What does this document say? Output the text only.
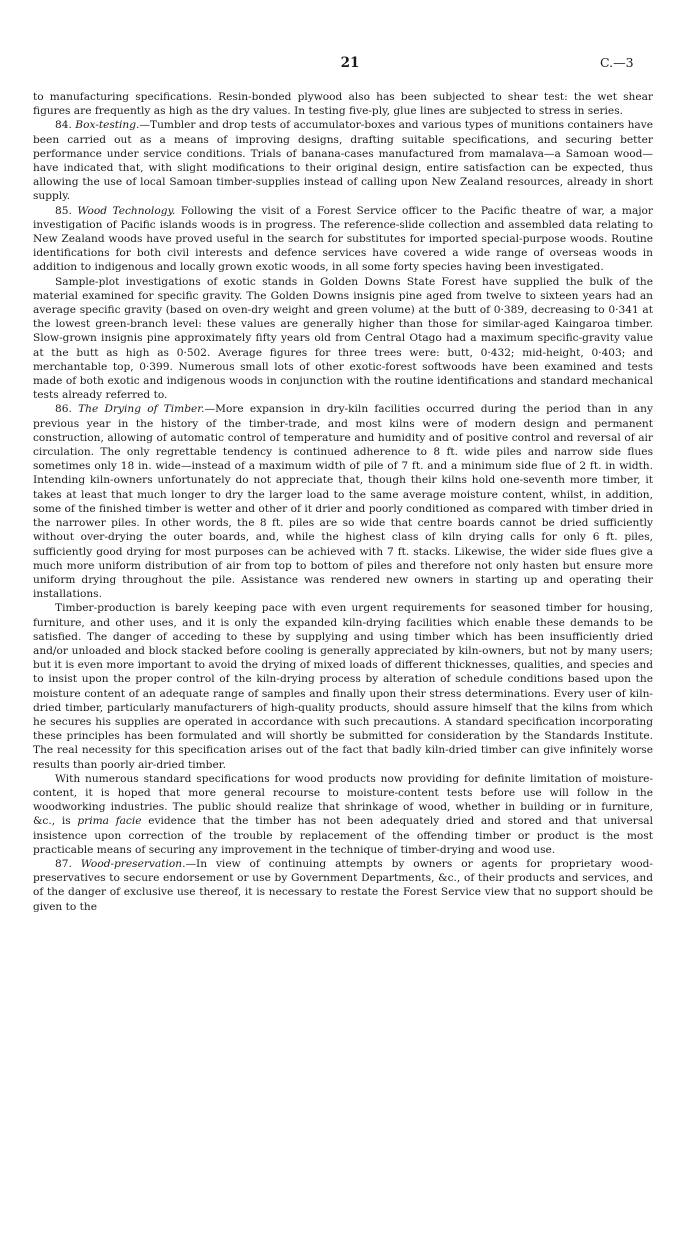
21	C.—3

to manufacturing specifications. Resin-bonded plywood also has been subjected to shear test: the wet shear figures are frequently as high as the dry values. In testing five-ply, glue lines are subjected to stress in series.

84. Box-testing.—Tumbler and drop tests of accumulator-boxes and various types of munitions containers have been carried out as a means of improving designs, drafting suitable specifications, and securing better performance under service conditions. Trials of banana-cases manufactured from mamalava—a Samoan wood—have indicated that, with slight modifications to their original design, entire satisfaction can be expected, thus allowing the use of local Samoan timber-supplies instead of calling upon New Zealand resources, already in short supply.

85. Wood Technology. Following the visit of a Forest Service officer to the Pacific theatre of war, a major investigation of Pacific islands woods is in progress. The reference-slide collection and assembled data relating to New Zealand woods have proved useful in the search for substitutes for imported special-purpose woods. Routine identifications for both civil interests and defence services have covered a wide range of overseas woods in addition to indigenous and locally grown exotic woods, in all some forty species having been investigated.

Sample-plot investigations of exotic stands in Golden Downs State Forest have supplied the bulk of the material examined for specific gravity. The Golden Downs insignis pine aged from twelve to sixteen years had an average specific gravity (based on oven-dry weight and green volume) at the butt of 0·389, decreasing to 0·341 at the lowest green-branch level: these values are generally higher than those for similar-aged Kaingaroa timber. Slow-grown insignis pine approximately fifty years old from Central Otago had a maximum specific-gravity value at the butt as high as 0·502. Average figures for three trees were: butt, 0·432; mid-height, 0·403; and merchantable top, 0·399. Numerous small lots of other exotic-forest softwoods have been examined and tests made of both exotic and indigenous woods in conjunction with the routine identifications and standard mechanical tests already referred to.

86. The Drying of Timber.—More expansion in dry-kiln facilities occurred during the period than in any previous year in the history of the timber-trade, and most kilns were of modern design and permanent construction, allowing of automatic control of temperature and humidity and of positive control and reversal of air circulation. The only regrettable tendency is continued adherence to 8 ft. wide piles and narrow side flues sometimes only 18 in. wide—instead of a maximum width of pile of 7 ft. and a minimum side flue of 2 ft. in width. Intending kiln-owners unfortunately do not appreciate that, though their kilns hold one-seventh more timber, it takes at least that much longer to dry the larger load to the same average moisture content, whilst, in addition, some of the finished timber is wetter and other of it drier and poorly conditioned as compared with timber dried in the narrower piles. In other words, the 8 ft. piles are so wide that centre boards cannot be dried sufficiently without over-drying the outer boards, and, while the highest class of kiln drying calls for only 6 ft. piles, sufficiently good drying for most purposes can be achieved with 7 ft. stacks. Likewise, the wider side flues give a much more uniform distribution of air from top to bottom of piles and therefore not only hasten but ensure more uniform drying throughout the pile. Assistance was rendered new owners in starting up and operating their installations.

Timber-production is barely keeping pace with even urgent requirements for seasoned timber for housing, furniture, and other uses, and it is only the expanded kiln-drying facilities which enable these demands to be satisfied. The danger of acceding to these by supplying and using timber which has been insufficiently dried and/or unloaded and block stacked before cooling is generally appreciated by kiln-owners, but not by many users; but it is even more important to avoid the drying of mixed loads of different thicknesses, qualities, and species and to insist upon the proper control of the kiln-drying process by alteration of schedule conditions based upon the moisture content of an adequate range of samples and finally upon their stress determinations. Every user of kiln-dried timber, particularly manufacturers of high-quality products, should assure himself that the kilns from which he secures his supplies are operated in accordance with such precautions. A standard specification incorporating these principles has been formulated and will shortly be submitted for consideration by the Standards Institute. The real necessity for this specification arises out of the fact that badly kiln-dried timber can give infinitely worse results than poorly air-dried timber.

With numerous standard specifications for wood products now providing for definite limitation of moisture-content, it is hoped that more general recourse to moisture-content tests before use will follow in the woodworking industries. The public should realize that shrinkage of wood, whether in building or in furniture, &c., is prima facie evidence that the timber has not been adequately dried and stored and that universal insistence upon correction of the trouble by replacement of the offending timber or product is the most practicable means of securing any improvement in the technique of timber-drying and wood use.

87. Wood-preservation.—In view of continuing attempts by owners or agents for proprietary wood-preservatives to secure endorsement or use by Government Departments, &c., of their products and services, and of the danger of exclusive use thereof, it is necessary to restate the Forest Service view that no support should be given to the
